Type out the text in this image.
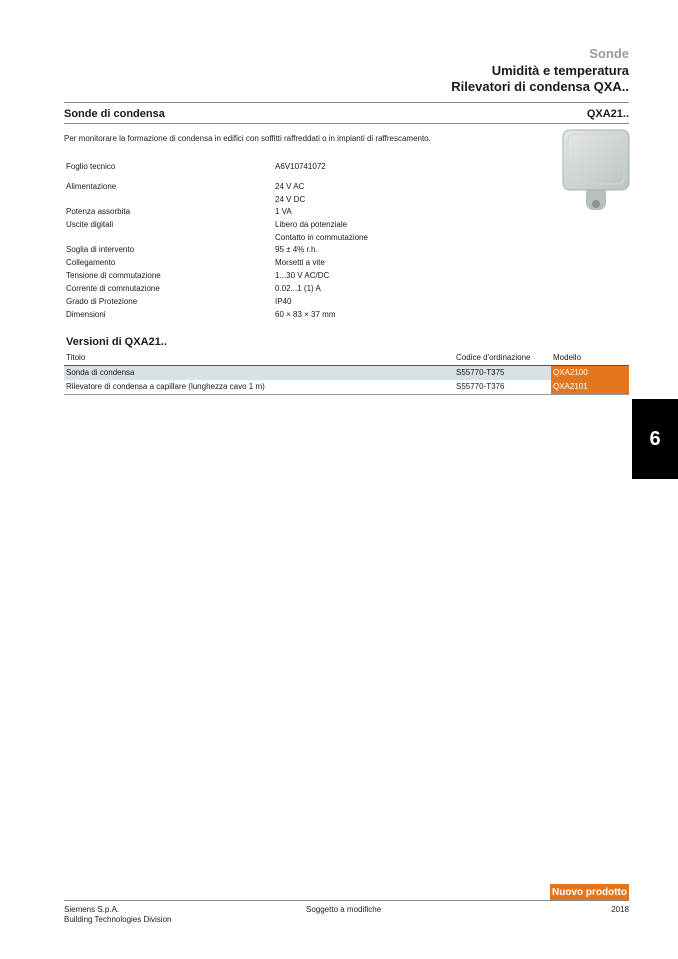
Sonde
Umidità e temperatura
Rilevatori di condensa QXA..
Sonde di condensa	QXA21..
Per monitorare la formazione di condensa in edifici con soffitti raffreddati o in impianti di raffrescamento.
Foglio tecnico	A6V10741072
Alimentazione	24 V AC
24 V DC
Potenza assorbita	1 VA
Uscite digitali	Libero da potenziale
Contatto in commutazione
Soglia di intervento	95 ± 4% r.h.
Collegamento	Morsetti a vite
Tensione di commutazione	1...30 V AC/DC
Corrente di commutazione	0.02...1 (1) A
Grado di Protezione	IP40
Dimensioni	60 × 83 × 37 mm
Versioni di QXA21..
Titolo	Codice d'ordinazione	Modello
Sonda di condensa	S55770-T375	QXA2100
Rilevatore di condensa a capillare (lunghezza cavo 1 m)	S55770-T376	QXA2101
6
Nuovo prodotto
Siemens S.p.A.
Building Technologies Division
Soggetto a modifiche	2018
